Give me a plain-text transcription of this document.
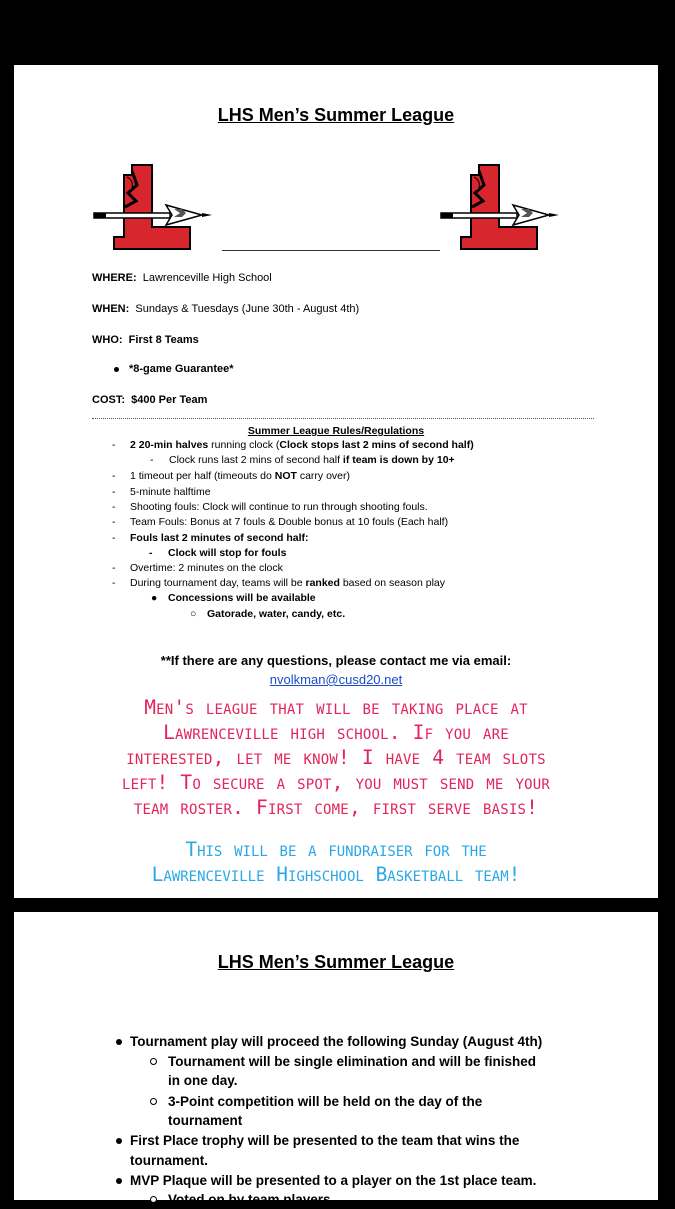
LHS Men’s Summer League
WHERE: Lawrenceville High School
WHEN: Sundays & Tuesdays (June 30th - August 4th)
WHO: First 8 Teams
*8-game Guarantee*
COST: $400 Per Team
Summer League Rules/Regulations
- 2 20-min halves running clock (Clock stops last 2 mins of second half)
- Clock runs last 2 mins of second half if team is down by 10+
- 1 timeout per half (timeouts do NOT carry over)
- 5-minute halftime
- Shooting fouls: Clock will continue to run through shooting fouls.
- Team Fouls: Bonus at 7 fouls & Double bonus at 10 fouls (Each half)
- Fouls last 2 minutes of second half:
- Clock will stop for fouls
- Overtime: 2 minutes on the clock
- During tournament day, teams will be ranked based on season play
● Concessions will be available
○ Gatorade, water, candy, etc.
**If there are any questions, please contact me via email:
nvolkman@cusd20.net
Men's league that will be taking place at
Lawrenceville high school. If you are
interested, let me know! I have 4 team slots
left! To secure a spot, you must send me your
team roster. First come, first serve basis!
This will be a fundraiser for the
Lawrenceville Highschool Basketball team!
LHS Men’s Summer League
Tournament play will proceed the following Sunday (August 4th)
Tournament will be single elimination and will be finished
in one day.
3-Point competition will be held on the day of the
tournament
First Place trophy will be presented to the team that wins the
tournament.
MVP Plaque will be presented to a player on the 1st place team.
Voted on by team players
